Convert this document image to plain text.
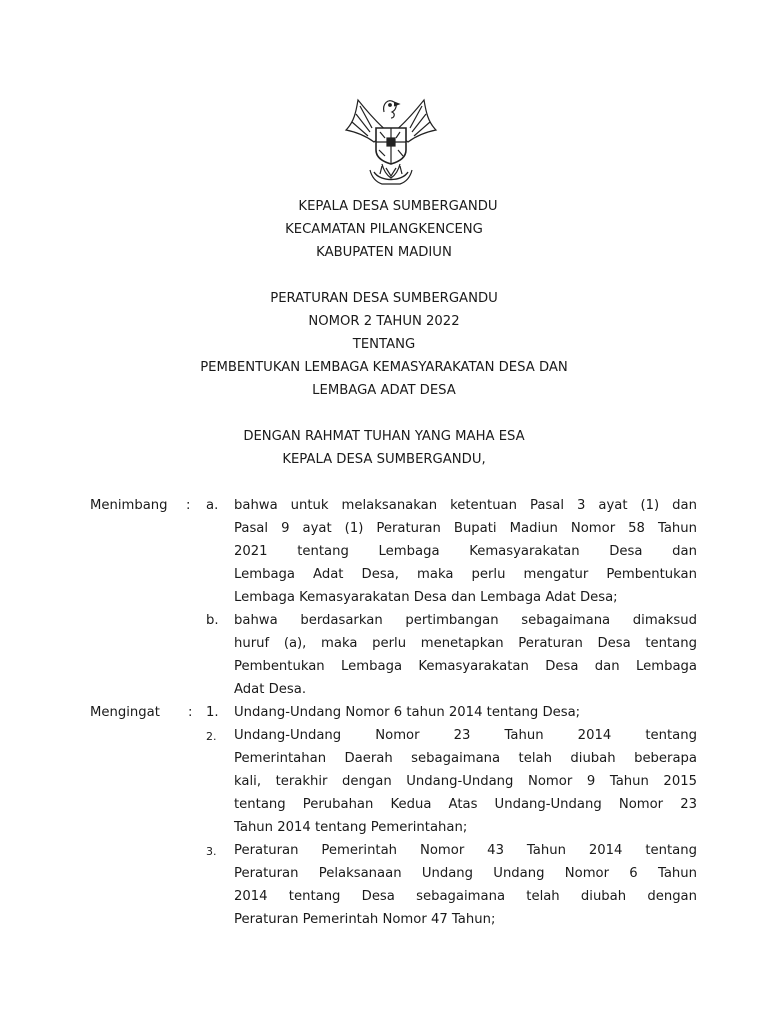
KEPALA DESA SUMBERGANDU
KECAMATAN PILANGKENCENG
KABUPATEN MADIUN
PERATURAN DESA SUMBERGANDU
NOMOR 2 TAHUN 2022
TENTANG
PEMBENTUKAN LEMBAGA KEMASYARAKATAN DESA DAN
LEMBAGA ADAT DESA
DENGAN RAHMAT TUHAN YANG MAHA ESA
KEPALA DESA SUMBERGANDU,
Menimbang : a. bahwa untuk melaksanakan ketentuan Pasal 3 ayat (1) dan
Pasal 9 ayat (1) Peraturan Bupati Madiun Nomor 58 Tahun
2021 tentang Lembaga Kemasyarakatan Desa dan
Lembaga Adat Desa, maka perlu mengatur Pembentukan
Lembaga Kemasyarakatan Desa dan Lembaga Adat Desa;
b. bahwa berdasarkan pertimbangan sebagaimana dimaksud
huruf (a), maka perlu menetapkan Peraturan Desa tentang
Pembentukan Lembaga Kemasyarakatan Desa dan Lembaga
Adat Desa.
Mengingat : 1. Undang-Undang Nomor 6 tahun 2014 tentang Desa;
2. Undang-Undang Nomor 23 Tahun 2014 tentang
Pemerintahan Daerah sebagaimana telah diubah beberapa
kali, terakhir dengan Undang-Undang Nomor 9 Tahun 2015
tentang Perubahan Kedua Atas Undang-Undang Nomor 23
Tahun 2014 tentang Pemerintahan;
3. Peraturan Pemerintah Nomor 43 Tahun 2014 tentang
Peraturan Pelaksanaan Undang Undang Nomor 6 Tahun
2014 tentang Desa sebagaimana telah diubah dengan
Peraturan Pemerintah Nomor 47 Tahun;
